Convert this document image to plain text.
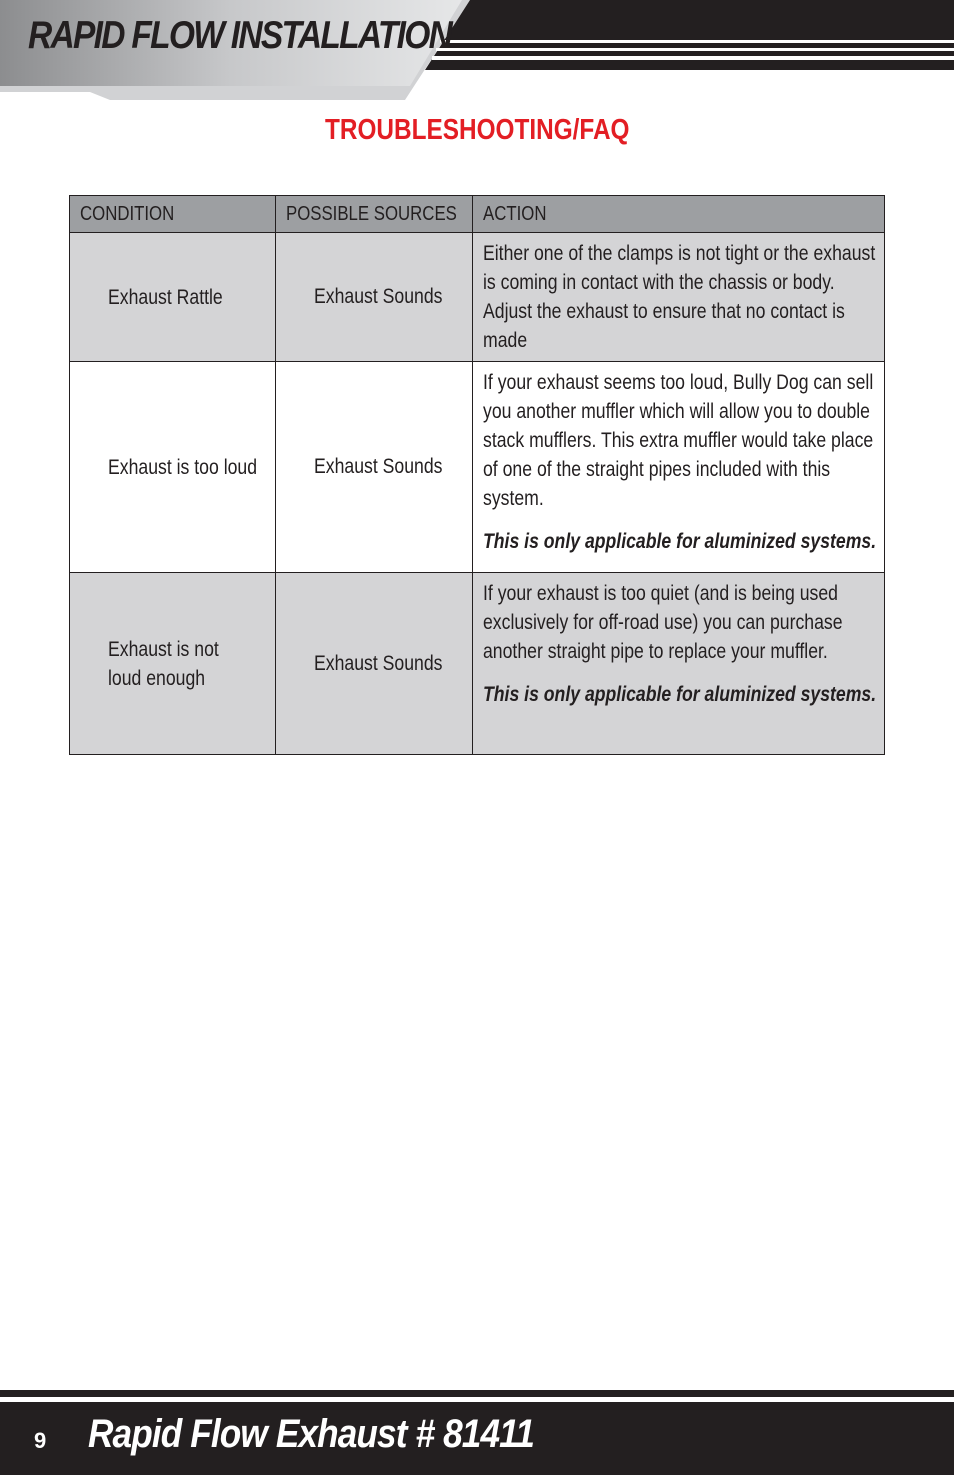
RAPID FLOW INSTALLATION
TROUBLESHOOTING/FAQ
CONDITION	POSSIBLE SOURCES	ACTION
Exhaust Rattle	Exhaust Sounds	Either one of the clamps is not tight or the exhaust is coming in contact with the chassis or body. Adjust the exhaust to ensure that no contact is made

Exhaust is too loud	Exhaust Sounds	If your exhaust seems too loud, Bully Dog can sell you another muffler which will allow you to double stack mufflers. This extra muffler would take place of one of the straight pipes included with this system.
This is only applicable for aluminized systems.

Exhaust is not loud enough	Exhaust Sounds	If your exhaust is too quiet (and is being used exclusively for off-road use) you can purchase another straight pipe to replace your muffler.
This is only applicable for aluminized systems.
9 Rapid Flow Exhaust # 81411
